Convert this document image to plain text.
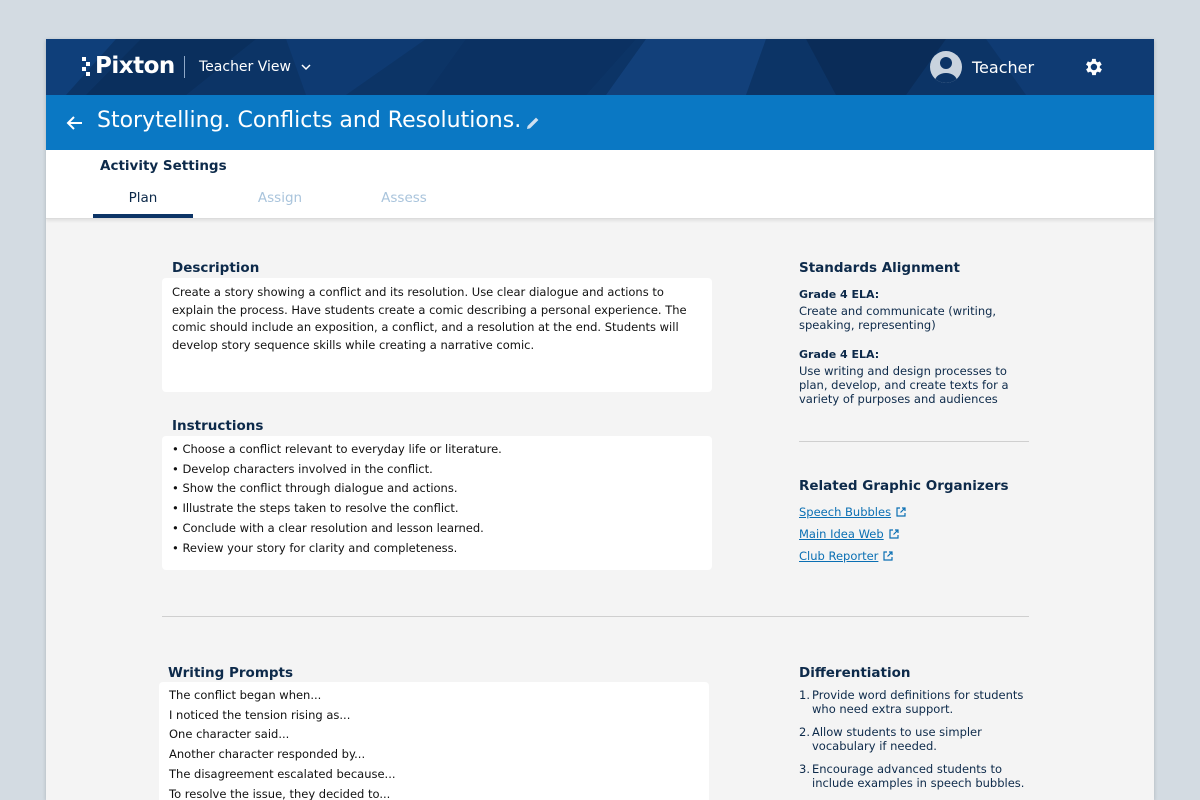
Pixton Teacher View	Teacher
Storytelling. Conflicts and Resolutions.
Activity Settings
Plan	Assign	Assess
Description

Create a story showing a conflict and its resolution. Use clear dialogue and actions to explain the process. Have students create a comic describing a personal experience. The comic should include an exposition, a conflict, and a resolution at the end. Students will develop story sequence skills while creating a narrative comic.

Instructions
• Choose a conflict relevant to everyday life or literature.
• Develop characters involved in the conflict.
• Show the conflict through dialogue and actions.
• Illustrate the steps taken to resolve the conflict.
• Conclude with a clear resolution and lesson learned.
• Review your story for clarity and completeness.
Standards Alignment
Grade 4 ELA:
Create and communicate (writing, speaking, representing)
Grade 4 ELA:
Use writing and design processes to plan, develop, and create texts for a variety of purposes and audiences
Related Graphic Organizers
Speech Bubbles
Main Idea Web
Club Reporter
Writing Prompts
The conflict began when...
I noticed the tension rising as...
One character said...
Another character responded by...
The disagreement escalated because...
To resolve the issue, they decided to...
Differentiation
1. Provide word definitions for students who need extra support.
2. Allow students to use simpler vocabulary if needed.
3. Encourage advanced students to include examples in speech bubbles.
